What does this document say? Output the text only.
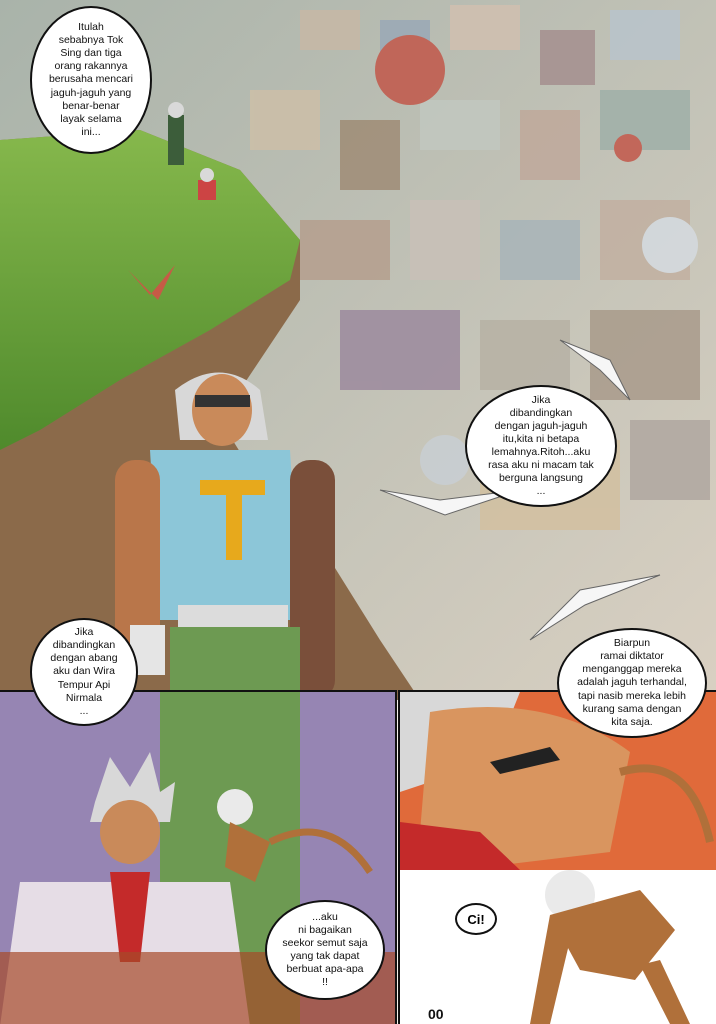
Itulah
sebabnya Tok
Sing dan tiga
orang rakannya
berusaha mencari
jaguh-jaguh yang
benar-benar
layak selama
ini...
Jika
dibandingkan
dengan jaguh-jaguh
itu,kita ni betapa
lemahnya.Ritoh...aku
rasa aku ni macam tak
berguna langsung
...
Jika
dibandingkan
dengan abang
aku dan Wira
Tempur Api
Nirmala
...
Biarpun
ramai diktator
menganggap mereka
adalah jaguh terhandal,
tapi nasib mereka lebih
kurang sama dengan
kita saja.
...aku
ni bagaikan
seekor semut saja
yang tak dapat
berbuat apa-apa
!!
Ci!
00
